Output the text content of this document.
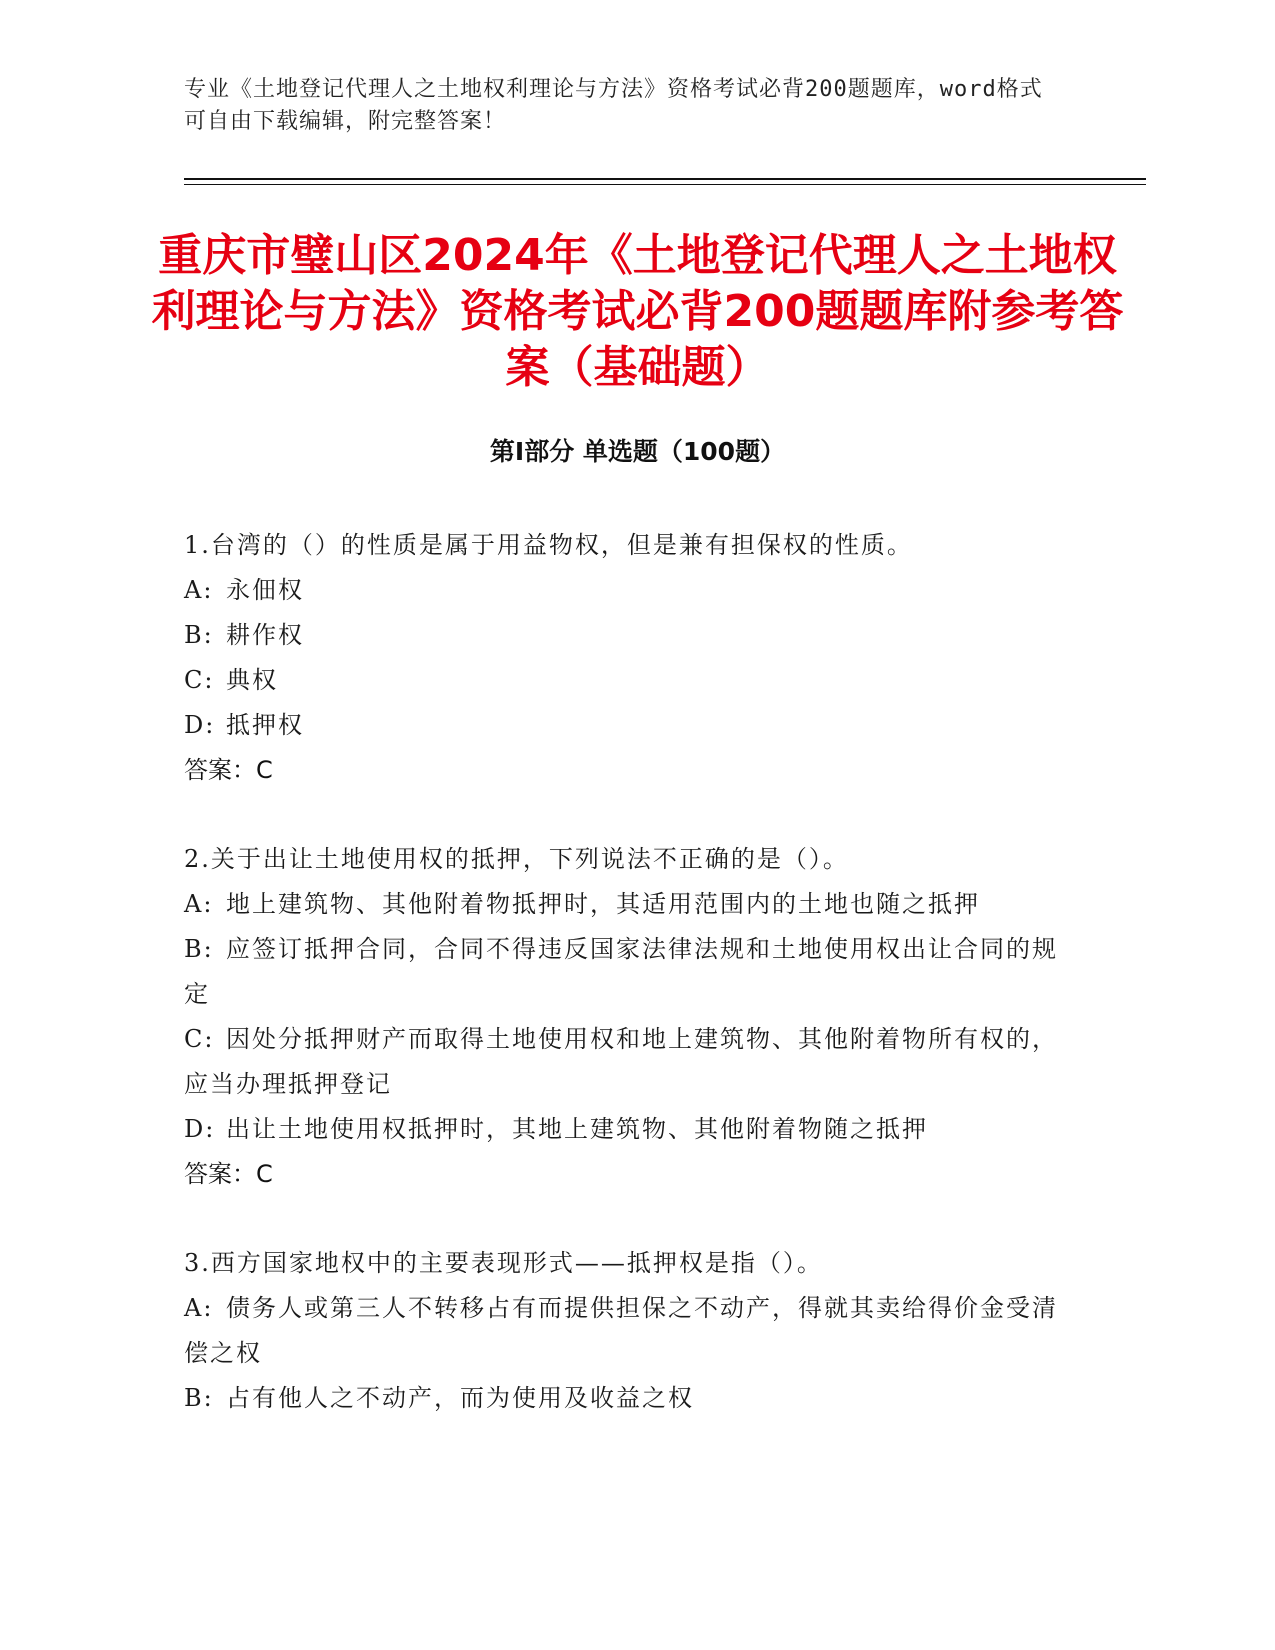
专业《土地登记代理人之土地权利理论与方法》资格考试必背200题题库，word格式可自由下载编辑，附完整答案！
重庆市璧山区2024年《土地登记代理人之土地权利理论与方法》资格考试必背200题题库附参考答案（基础题）
第Ⅰ部分 单选题（100题）
1.台湾的（）的性质是属于用益物权，但是兼有担保权的性质。
A: 永佃权
B: 耕作权
C: 典权
D: 抵押权
答案：C
2.关于出让土地使用权的抵押，下列说法不正确的是（）。
A: 地上建筑物、其他附着物抵押时，其适用范围内的土地也随之抵押
B: 应签订抵押合同，合同不得违反国家法律法规和土地使用权出让合同的规定
C: 因处分抵押财产而取得土地使用权和地上建筑物、其他附着物所有权的，应当办理抵押登记
D: 出让土地使用权抵押时，其地上建筑物、其他附着物随之抵押
答案：C
3.西方国家地权中的主要表现形式——抵押权是指（）。
A: 债务人或第三人不转移占有而提供担保之不动产，得就其卖给得价金受清偿之权
B: 占有他人之不动产，而为使用及收益之权
